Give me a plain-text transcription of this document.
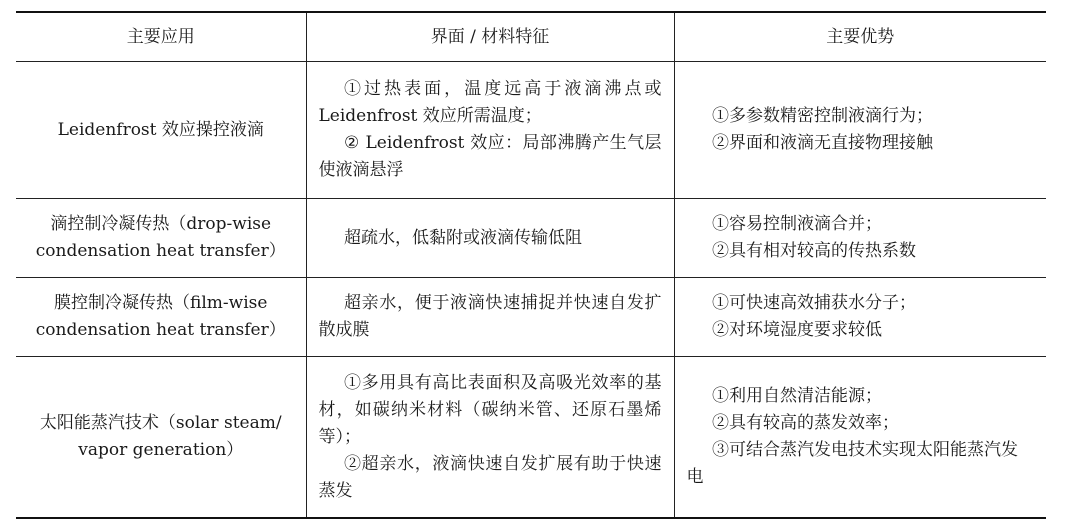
主要应用	界面 / 材料特征	主要优势
Leidenfrost 效应操控液滴	①过热表面，温度远高于液滴沸点或Leidenfrost 效应所需温度；
② Leidenfrost 效应：局部沸腾产生气层使液滴悬浮	①多参数精密控制液滴行为；
②界面和液滴无直接物理接触

滴控制冷凝传热（drop-wise condensation heat transfer）	超疏水，低黏附或液滴传输低阻	①容易控制液滴合并；
②具有相对较高的传热系数

膜控制冷凝传热（film-wise condensation heat transfer）	超亲水，便于液滴快速捕捉并快速自发扩散成膜	①可快速高效捕获水分子；
②对环境湿度要求较低

太阳能蒸汽技术（solar steam/ vapor generation）	①多用具有高比表面积及高吸光效率的基材，如碳纳米材料（碳纳米管、还原石墨烯等）；
②超亲水，液滴快速自发扩展有助于快速蒸发	①利用自然清洁能源；
②具有较高的蒸发效率；
③可结合蒸汽发电技术实现太阳能蒸汽发电
